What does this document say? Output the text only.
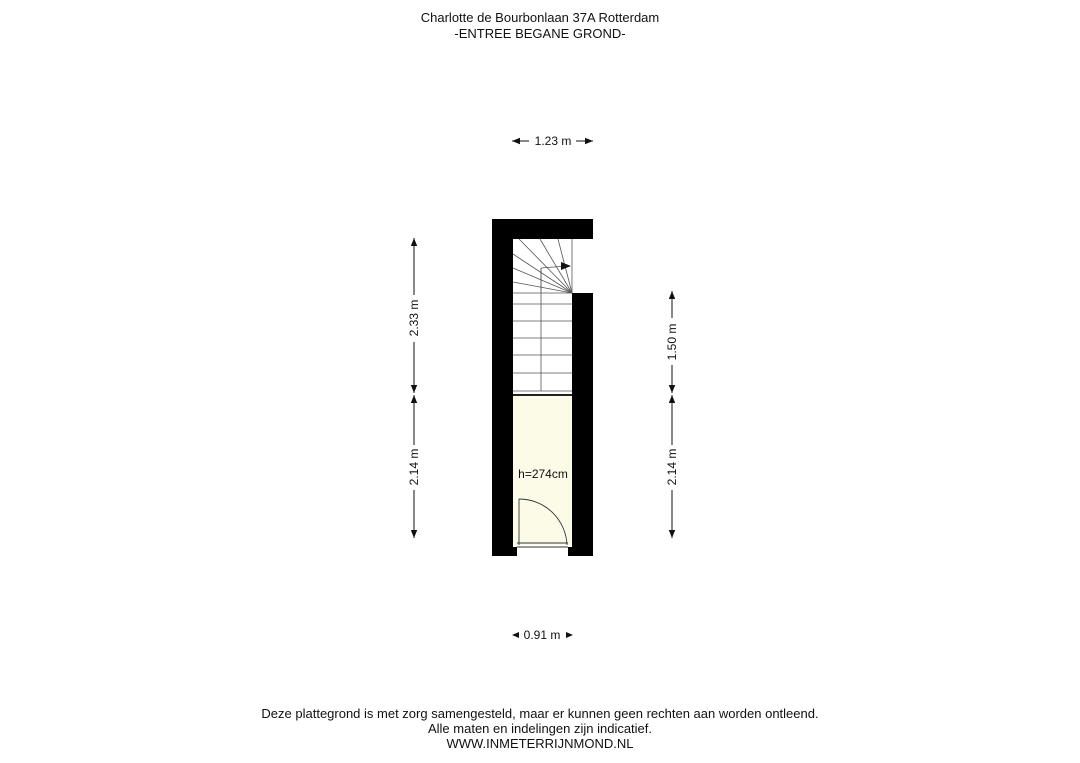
Charlotte de Bourbonlaan 37A Rotterdam
-ENTREE BEGANE GROND-
h=274cm
1.23 m
0.91 m
2.33 m
2.14 m
1.50 m
2.14 m
Deze plattegrond is met zorg samengesteld, maar er kunnen geen rechten aan worden ontleend.
Alle maten en indelingen zijn indicatief.
WWW.INMETERRIJNMOND.NL
